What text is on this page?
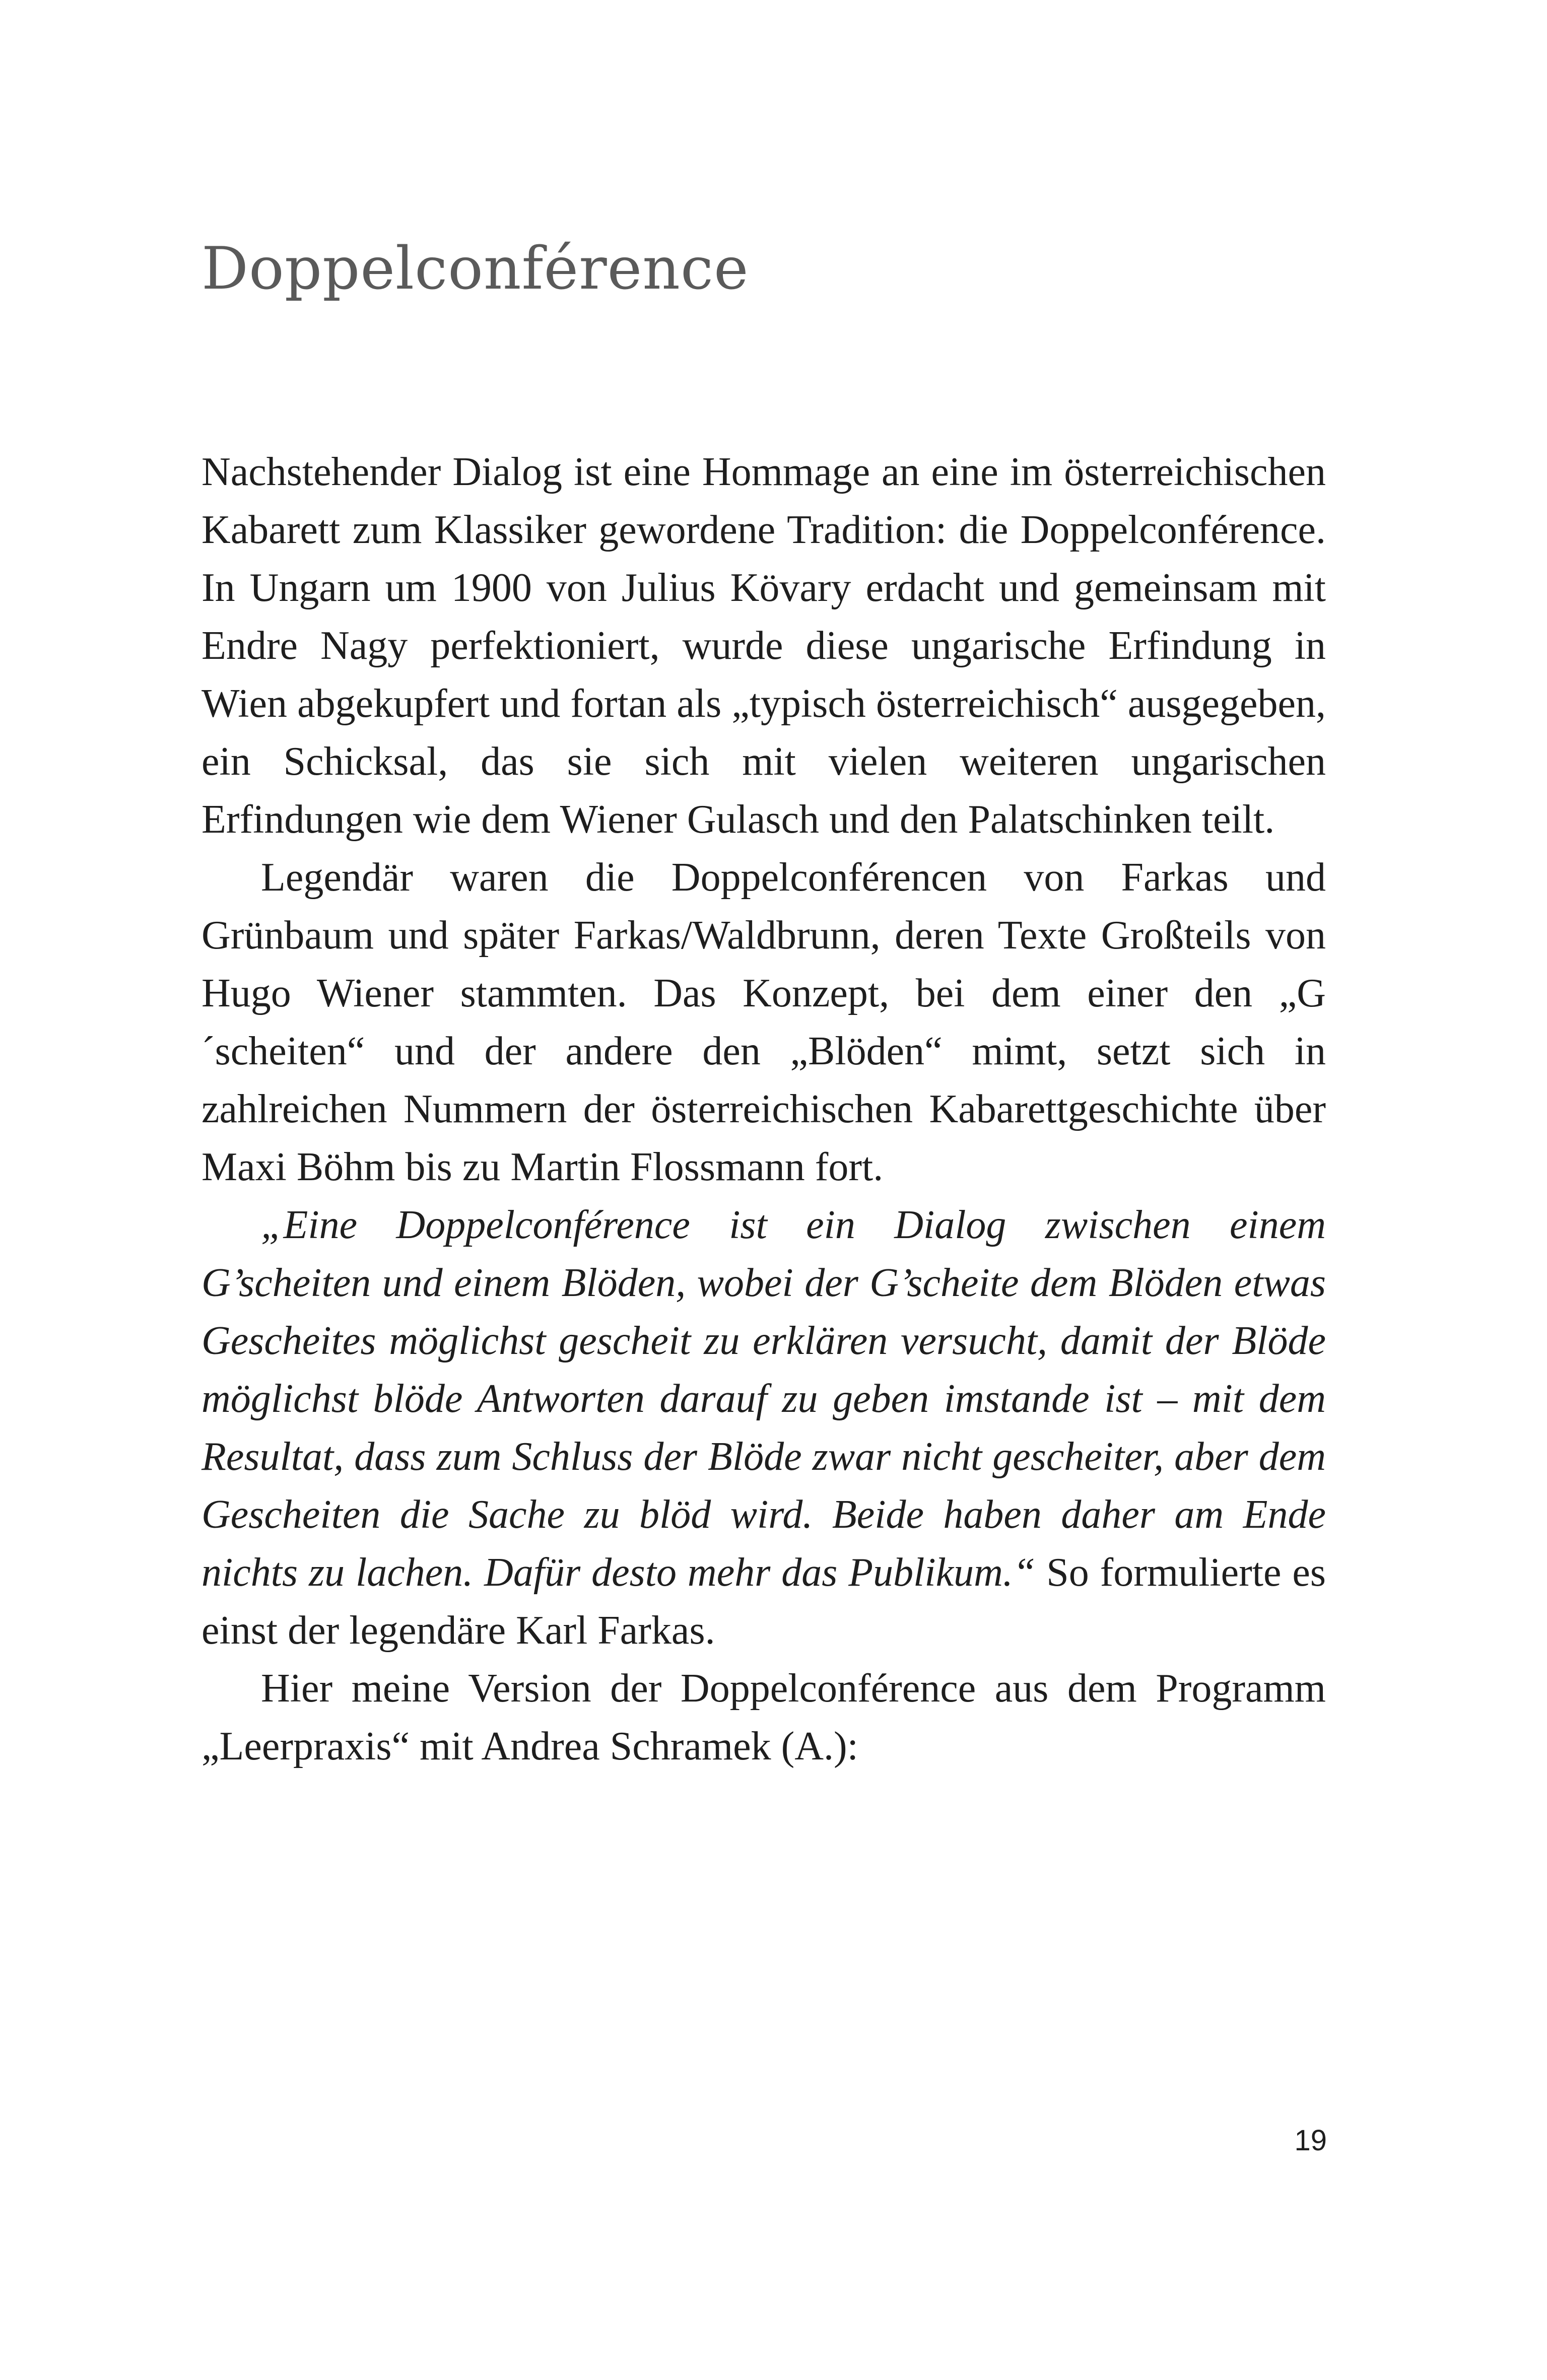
Doppelconférence

Nachstehender Dialog ist eine Hommage an eine im österreichischen Kabarett zum Klassiker gewordene Tradition: die Doppelconférence. In Ungarn um 1900 von Julius Kövary erdacht und gemeinsam mit Endre Nagy perfektioniert, wurde diese ungarische Erfindung in Wien abgekupfert und fortan als „typisch österreichisch“ ausgegeben, ein Schicksal, das sie sich mit vielen weiteren ungarischen Erfindungen wie dem Wiener Gulasch und den Palatschinken teilt.

Legendär waren die Doppelconférencen von Farkas und Grünbaum und später Farkas/Waldbrunn, deren Texte Großteils von Hugo Wiener stammten. Das Konzept, bei dem einer den „G´scheiten“ und der andere den „Blöden“ mimt, setzt sich in zahlreichen Nummern der österreichischen Kabarettgeschichte über Maxi Böhm bis zu Martin Flossmann fort.

„Eine Doppelconférence ist ein Dialog zwischen einem G’scheiten und einem Blöden, wobei der G’scheite dem Blöden etwas Gescheites möglichst gescheit zu erklären versucht, damit der Blöde möglichst blöde Antworten darauf zu geben imstande ist – mit dem Resultat, dass zum Schluss der Blöde zwar nicht gescheiter, aber dem Gescheiten die Sache zu blöd wird. Beide haben daher am Ende nichts zu lachen. Dafür desto mehr das Publikum.“ So formulierte es einst der legendäre Karl Farkas.

Hier meine Version der Doppelconférence aus dem Programm „Leerpraxis“ mit Andrea Schramek (A.):

19
